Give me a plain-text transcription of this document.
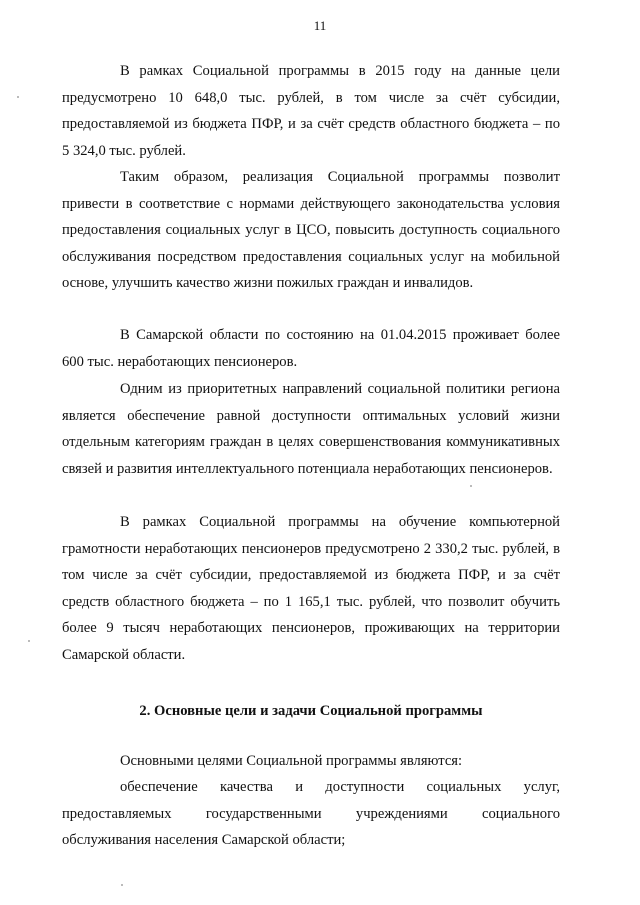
11

В рамках Социальной программы в 2015 году на данные цели предусмотрено 10 648,0 тыс. рублей, в том числе за счёт субсидии, предоставляемой из бюджета ПФР, и за счёт средств областного бюджета – по 5 324,0 тыс. рублей.

Таким образом, реализация Социальной программы позволит привести в соответствие с нормами действующего законодательства условия предоставления социальных услуг в ЦСО, повысить доступность социального обслуживания посредством предоставления социальных услуг на мобильной основе, улучшить качество жизни пожилых граждан и инвалидов.

В Самарской области по состоянию на 01.04.2015 проживает более 600 тыс. неработающих пенсионеров.

Одним из приоритетных направлений социальной политики региона является обеспечение равной доступности оптимальных условий жизни отдельным категориям граждан в целях совершенствования коммуникативных связей и развития интеллектуального потенциала неработающих пенсионеров.

В рамках Социальной программы на обучение компьютерной грамотности неработающих пенсионеров предусмотрено 2 330,2 тыс. рублей, в том числе за счёт субсидии, предоставляемой из бюджета ПФР, и за счёт средств областного бюджета – по 1 165,1 тыс. рублей, что позволит обучить более 9 тысяч неработающих пенсионеров, проживающих на территории Самарской области.

2. Основные цели и задачи Социальной программы

Основными целями Социальной программы являются:

обеспечение качества и доступности социальных услуг, предоставляемых государственными учреждениями социального обслуживания населения Самарской области;
